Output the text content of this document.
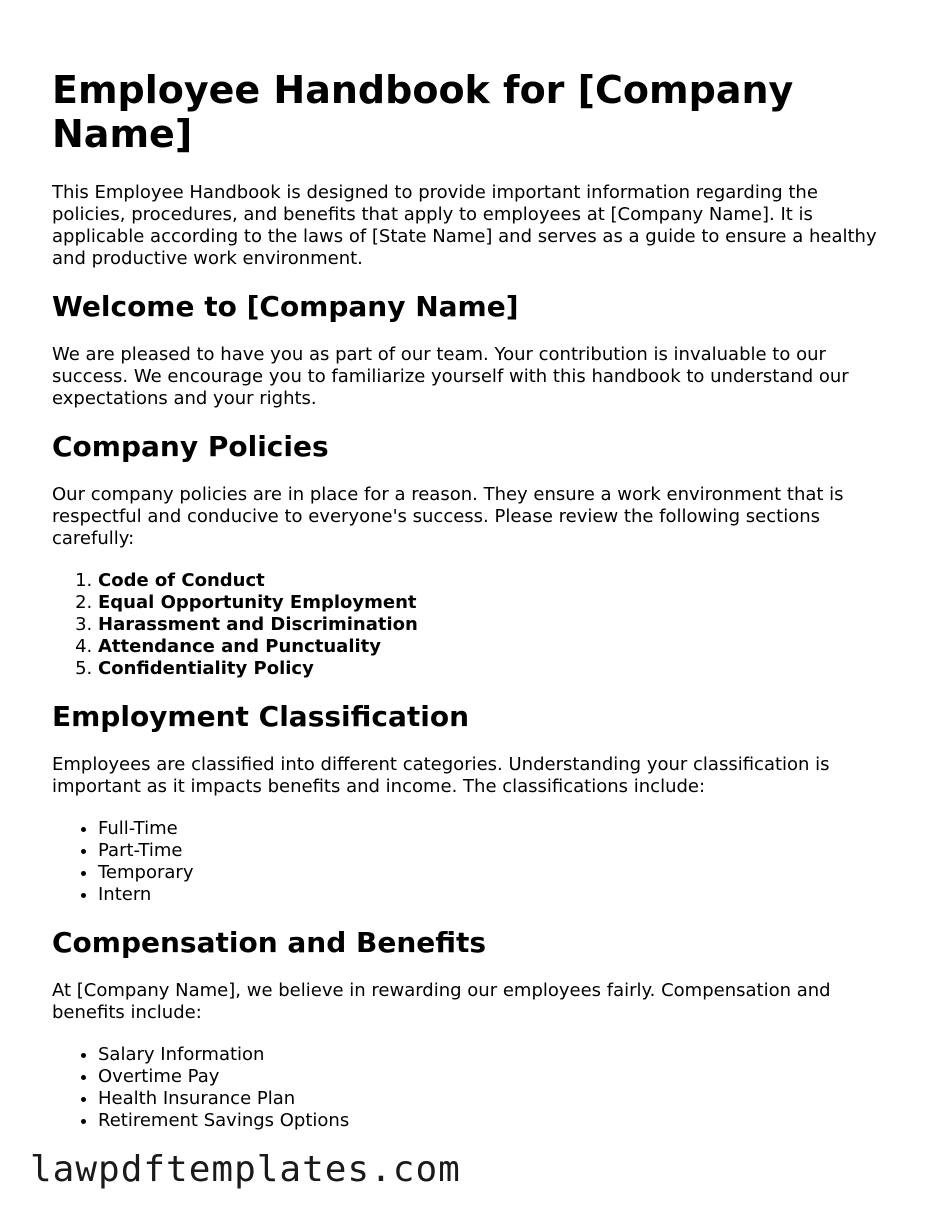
Employee Handbook for [Company Name]

This Employee Handbook is designed to provide important information regarding the policies, procedures, and benefits that apply to employees at [Company Name]. It is applicable according to the laws of [State Name] and serves as a guide to ensure a healthy and productive work environment.

Welcome to [Company Name]

We are pleased to have you as part of our team. Your contribution is invaluable to our success. We encourage you to familiarize yourself with this handbook to understand our expectations and your rights.

Company Policies

Our company policies are in place for a reason. They ensure a work environment that is respectful and conducive to everyone's success. Please review the following sections carefully:

1. Code of Conduct
2. Equal Opportunity Employment
3. Harassment and Discrimination
4. Attendance and Punctuality
5. Confidentiality Policy
Employment Classification

Employees are classified into different categories. Understanding your classification is important as it impacts benefits and income. The classifications include:

• Full-Time
• Part-Time
• Temporary
• Intern
Compensation and Benefits

At [Company Name], we believe in rewarding our employees fairly. Compensation and benefits include:

• Salary Information
• Overtime Pay
• Health Insurance Plan
• Retirement Savings Options
lawpdftemplates.com
